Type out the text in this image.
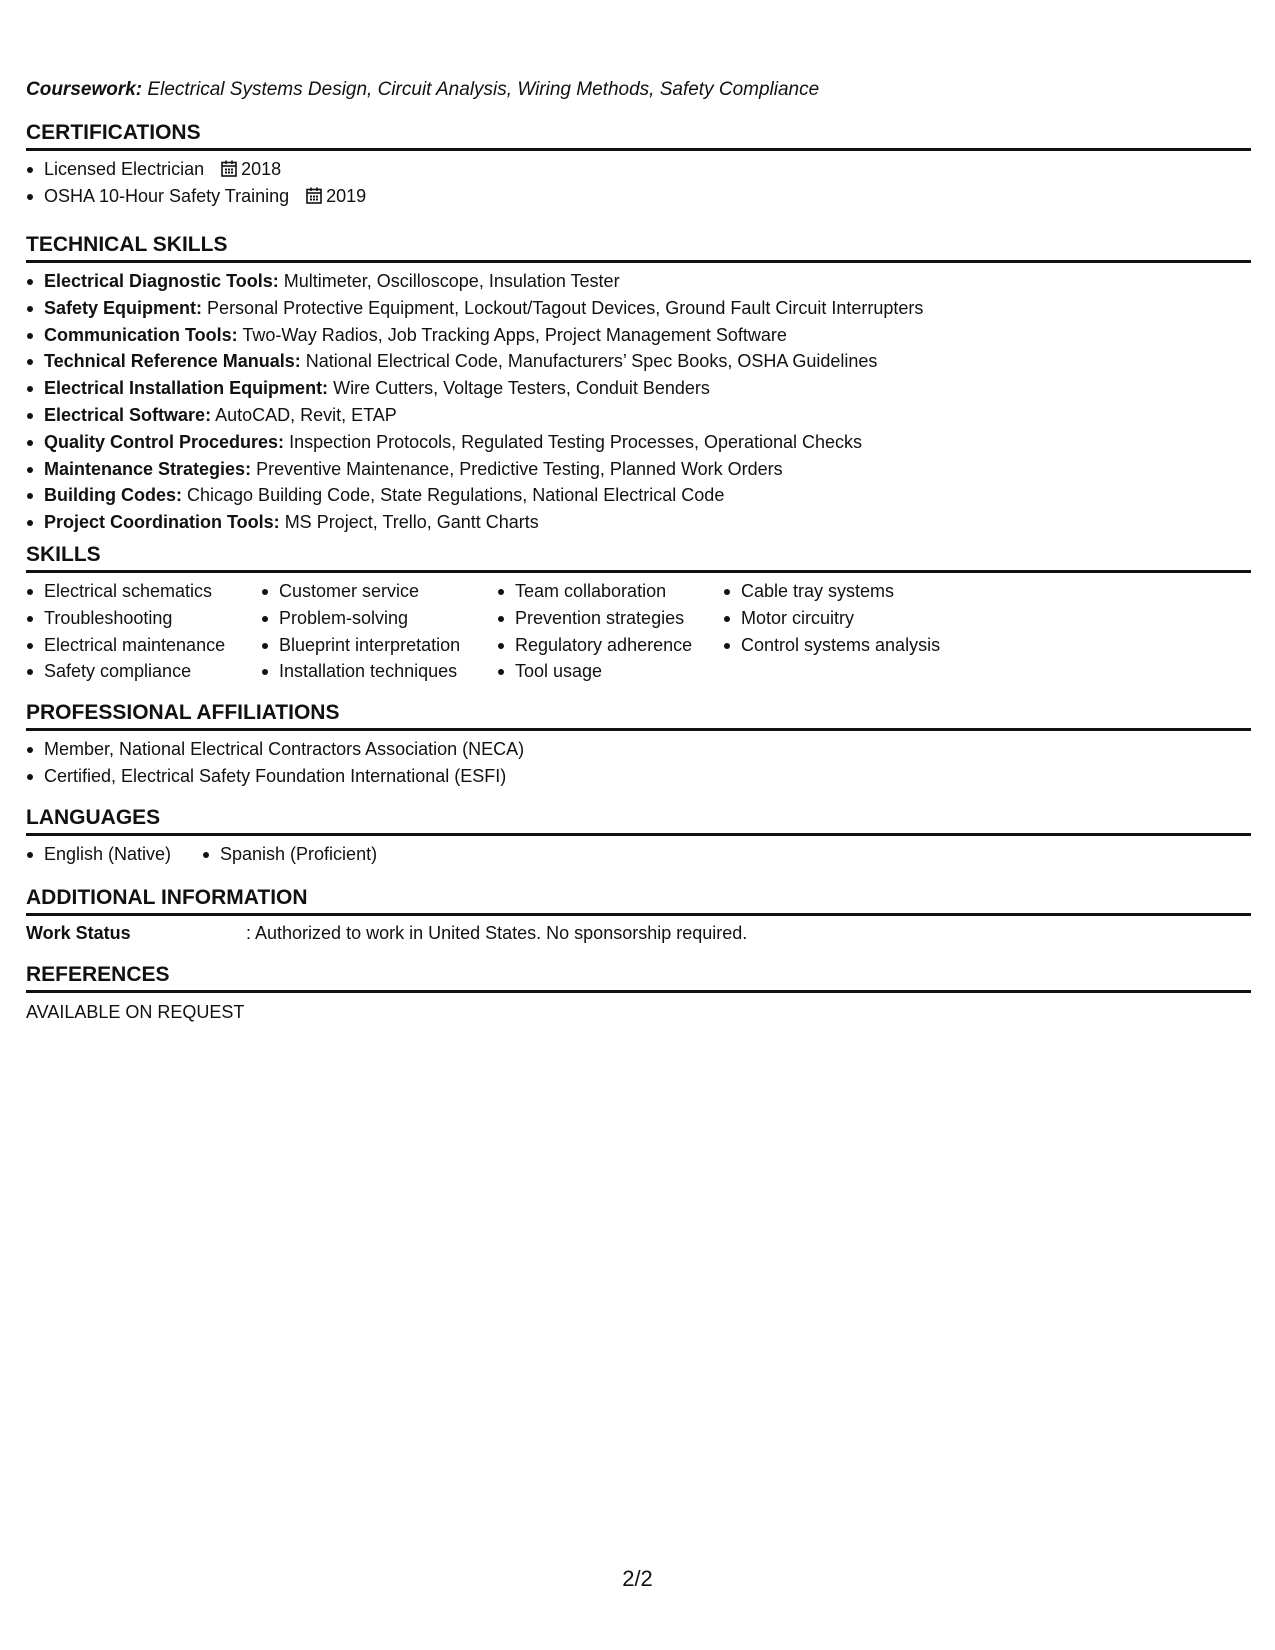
Coursework: Electrical Systems Design, Circuit Analysis, Wiring Methods, Safety Compliance
CERTIFICATIONS
Licensed Electrician 2018
OSHA 10-Hour Safety Training 2019
TECHNICAL SKILLS
Electrical Diagnostic Tools: Multimeter, Oscilloscope, Insulation Tester
Safety Equipment: Personal Protective Equipment, Lockout/Tagout Devices, Ground Fault Circuit Interrupters
Communication Tools: Two-Way Radios, Job Tracking Apps, Project Management Software
Technical Reference Manuals: National Electrical Code, Manufacturers’ Spec Books, OSHA Guidelines
Electrical Installation Equipment: Wire Cutters, Voltage Testers, Conduit Benders
Electrical Software: AutoCAD, Revit, ETAP
Quality Control Procedures: Inspection Protocols, Regulated Testing Processes, Operational Checks
Maintenance Strategies: Preventive Maintenance, Predictive Testing, Planned Work Orders
Building Codes: Chicago Building Code, State Regulations, National Electrical Code
Project Coordination Tools: MS Project, Trello, Gantt Charts
SKILLS
Electrical schematics
Troubleshooting
Electrical maintenance
Safety compliance
Customer service
Problem-solving
Blueprint interpretation
Installation techniques
Team collaboration
Prevention strategies
Regulatory adherence
Tool usage
Cable tray systems
Motor circuitry
Control systems analysis
PROFESSIONAL AFFILIATIONS
Member, National Electrical Contractors Association (NECA)
Certified, Electrical Safety Foundation International (ESFI)
LANGUAGES
English (Native)	Spanish (Proficient)
ADDITIONAL INFORMATION
Work Status	: Authorized to work in United States. No sponsorship required.
REFERENCES
AVAILABLE ON REQUEST
2/2
